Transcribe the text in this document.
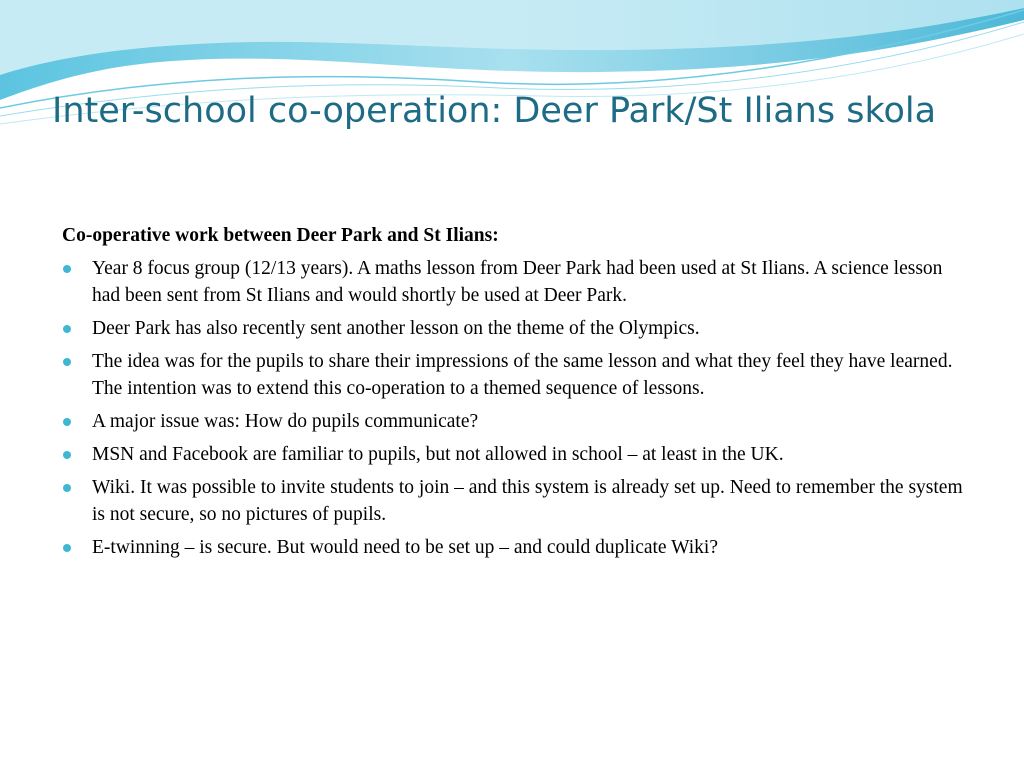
Inter-school co-operation: Deer Park/St Ilians skola

Co-operative work between Deer Park and St Ilians:

Year 8 focus group (12/13 years). A maths lesson from Deer Park had been used at St Ilians. A science lesson had been sent from St Ilians and would shortly be used at Deer Park.
Deer Park has also recently sent another lesson on the theme of the Olympics.
The idea was for the pupils to share their impressions of the same lesson and what they feel they have learned. The intention was to extend this co-operation to a themed sequence of lessons.
A major issue was: How do pupils communicate?
MSN and Facebook are familiar to pupils, but not allowed in school – at least in the UK.
Wiki. It was possible to invite students to join – and this system is already set up. Need to remember the system is not secure, so no pictures of pupils.
E-twinning – is secure. But would need to be set up – and could duplicate Wiki?
